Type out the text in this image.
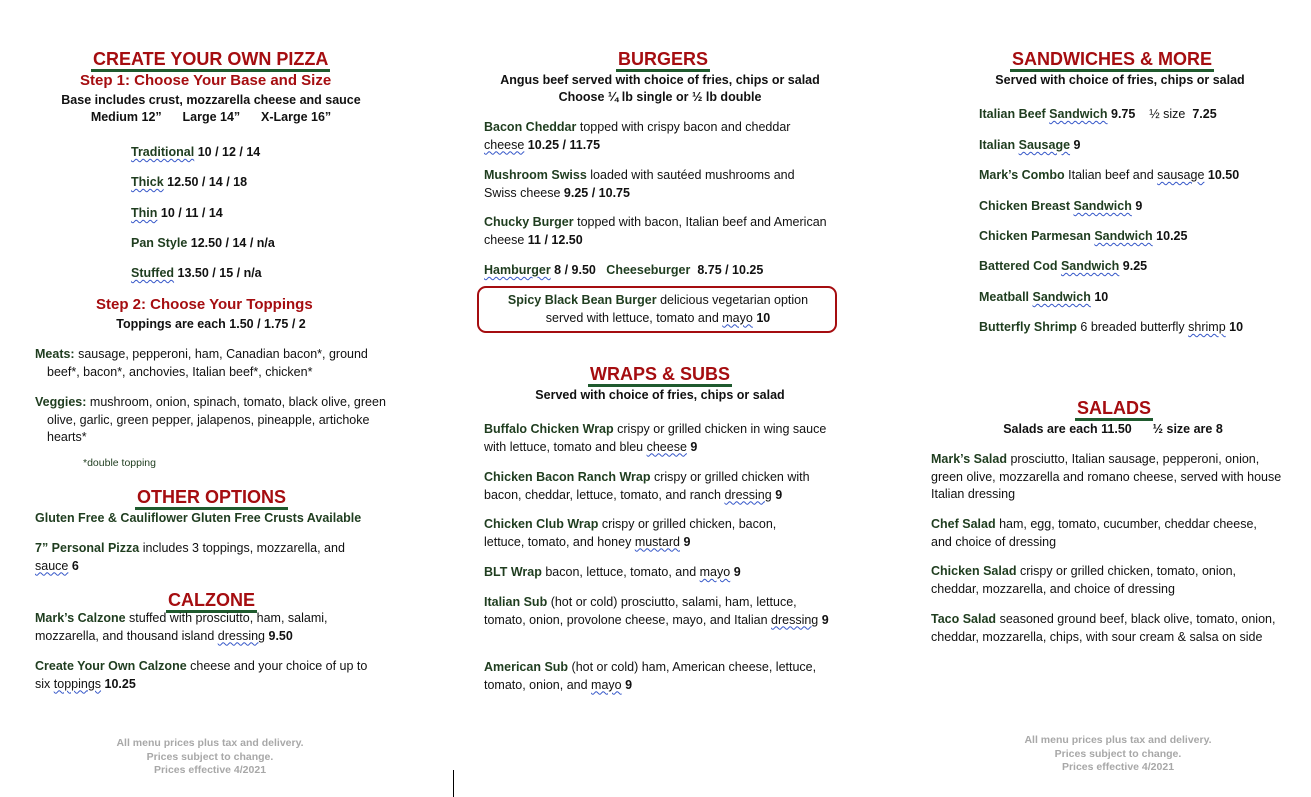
CREATE YOUR OWN PIZZA
Step 1: Choose Your Base and Size
Base includes crust, mozzarella cheese and sauce
Medium 12”      Large 14”      X-Large 16”
Traditional 10 / 12 / 14
Thick 12.50 / 14 / 18
Thin 10 / 11 / 14
Pan Style 12.50 / 14 / n/a
Stuffed 13.50 / 15 / n/a
Step 2: Choose Your Toppings
Toppings are each 1.50 / 1.75 / 2
Meats: sausage, pepperoni, ham, Canadian bacon*, ground beef*, bacon*, anchovies, Italian beef*, chicken*
Veggies: mushroom, onion, spinach, tomato, black olive, green olive, garlic, green pepper, jalapenos, pineapple, artichoke hearts*
*double topping
OTHER OPTIONS
Gluten Free & Cauliflower Gluten Free Crusts Available
7” Personal Pizza includes 3 toppings, mozzarella, and sauce 6
CALZONE
Mark’s Calzone stuffed with prosciutto, ham, salami, mozzarella, and thousand island dressing 9.50
Create Your Own Calzone cheese and your choice of up to six toppings 10.25
All menu prices plus tax and delivery.
Prices subject to change.
Prices effective 4/2021
BURGERS
Angus beef served with choice of fries, chips or salad
Choose ¼ lb single or ½ lb double
Bacon Cheddar topped with crispy bacon and cheddar cheese 10.25 / 11.75
Mushroom Swiss loaded with sautéed mushrooms and Swiss cheese 9.25 / 10.75
Chucky Burger topped with bacon, Italian beef and American cheese 11 / 12.50
Hamburger 8 / 9.50 Cheeseburger 8.75 / 10.25
Spicy Black Bean Burger delicious vegetarian option
served with lettuce, tomato and mayo 10
WRAPS & SUBS
Served with choice of fries, chips or salad
Buffalo Chicken Wrap crispy or grilled chicken in wing sauce with lettuce, tomato and bleu cheese 9
Chicken Bacon Ranch Wrap crispy or grilled chicken with bacon, cheddar, lettuce, tomato, and ranch dressing 9
Chicken Club Wrap crispy or grilled chicken, bacon, lettuce, tomato, and honey mustard 9
BLT Wrap bacon, lettuce, tomato, and mayo 9
Italian Sub (hot or cold) prosciutto, salami, ham, lettuce, tomato, onion, provolone cheese, mayo, and Italian dressing 9
American Sub (hot or cold) ham, American cheese, lettuce, tomato, onion, and mayo 9
SANDWICHES & MORE
Served with choice of fries, chips or salad
Italian Beef Sandwich 9.75 ½ size 7.25
Italian Sausage 9
Mark’s Combo Italian beef and sausage 10.50
Chicken Breast Sandwich 9
Chicken Parmesan Sandwich 10.25
Battered Cod Sandwich 9.25
Meatball Sandwich 10
Butterfly Shrimp 6 breaded butterfly shrimp 10
SALADS
Salads are each 11.50      ½ size are 8
Mark’s Salad prosciutto, Italian sausage, pepperoni, onion, green olive, mozzarella and romano cheese, served with house Italian dressing
Chef Salad ham, egg, tomato, cucumber, cheddar cheese, and choice of dressing
Chicken Salad crispy or grilled chicken, tomato, onion, cheddar, mozzarella, and choice of dressing
Taco Salad seasoned ground beef, black olive, tomato, onion, cheddar, mozzarella, chips, with sour cream & salsa on side
All menu prices plus tax and delivery.
Prices subject to change.
Prices effective 4/2021
